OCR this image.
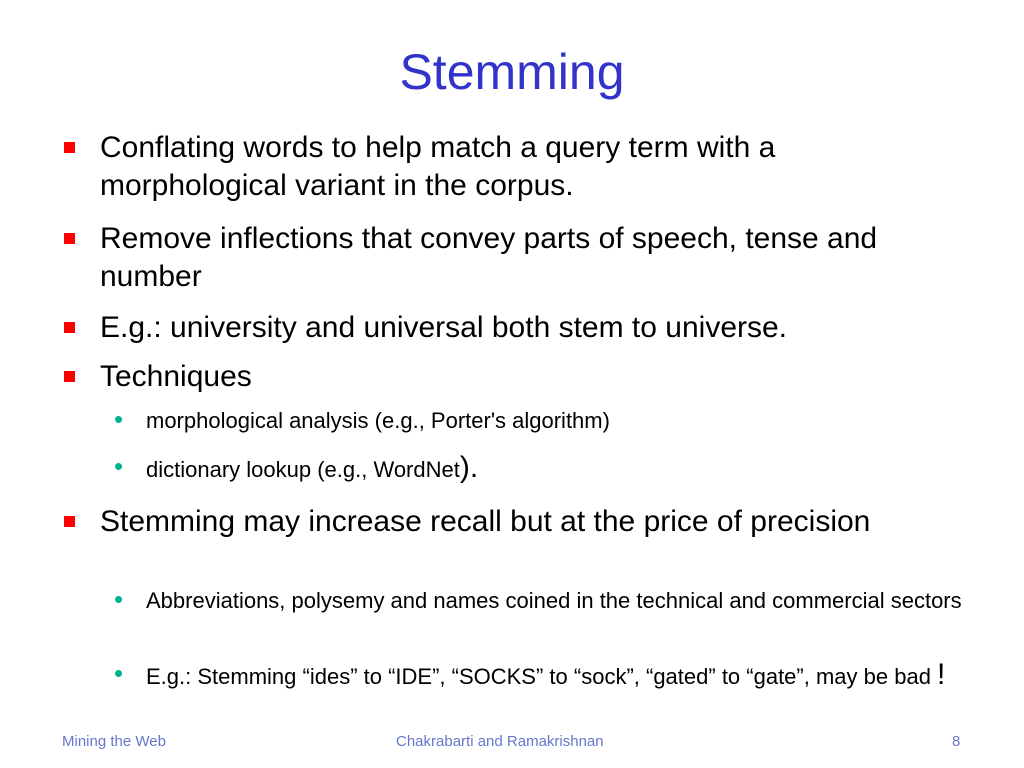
Stemming
Conflating words to help match a query term with a morphological variant in the corpus.
Remove inflections that convey parts of speech, tense and number
E.g.: university and universal both stem to universe.
Techniques
• morphological analysis (e.g., Porter's algorithm)
• dictionary lookup (e.g., WordNet).
Stemming may increase recall but at the price of precision
• Abbreviations, polysemy and names coined in the technical and commercial sectors
• E.g.: Stemming “ides” to “IDE”, “SOCKS” to “sock”, “gated” to “gate”, may be bad !
Mining the Web	Chakrabarti and Ramakrishnan	8
